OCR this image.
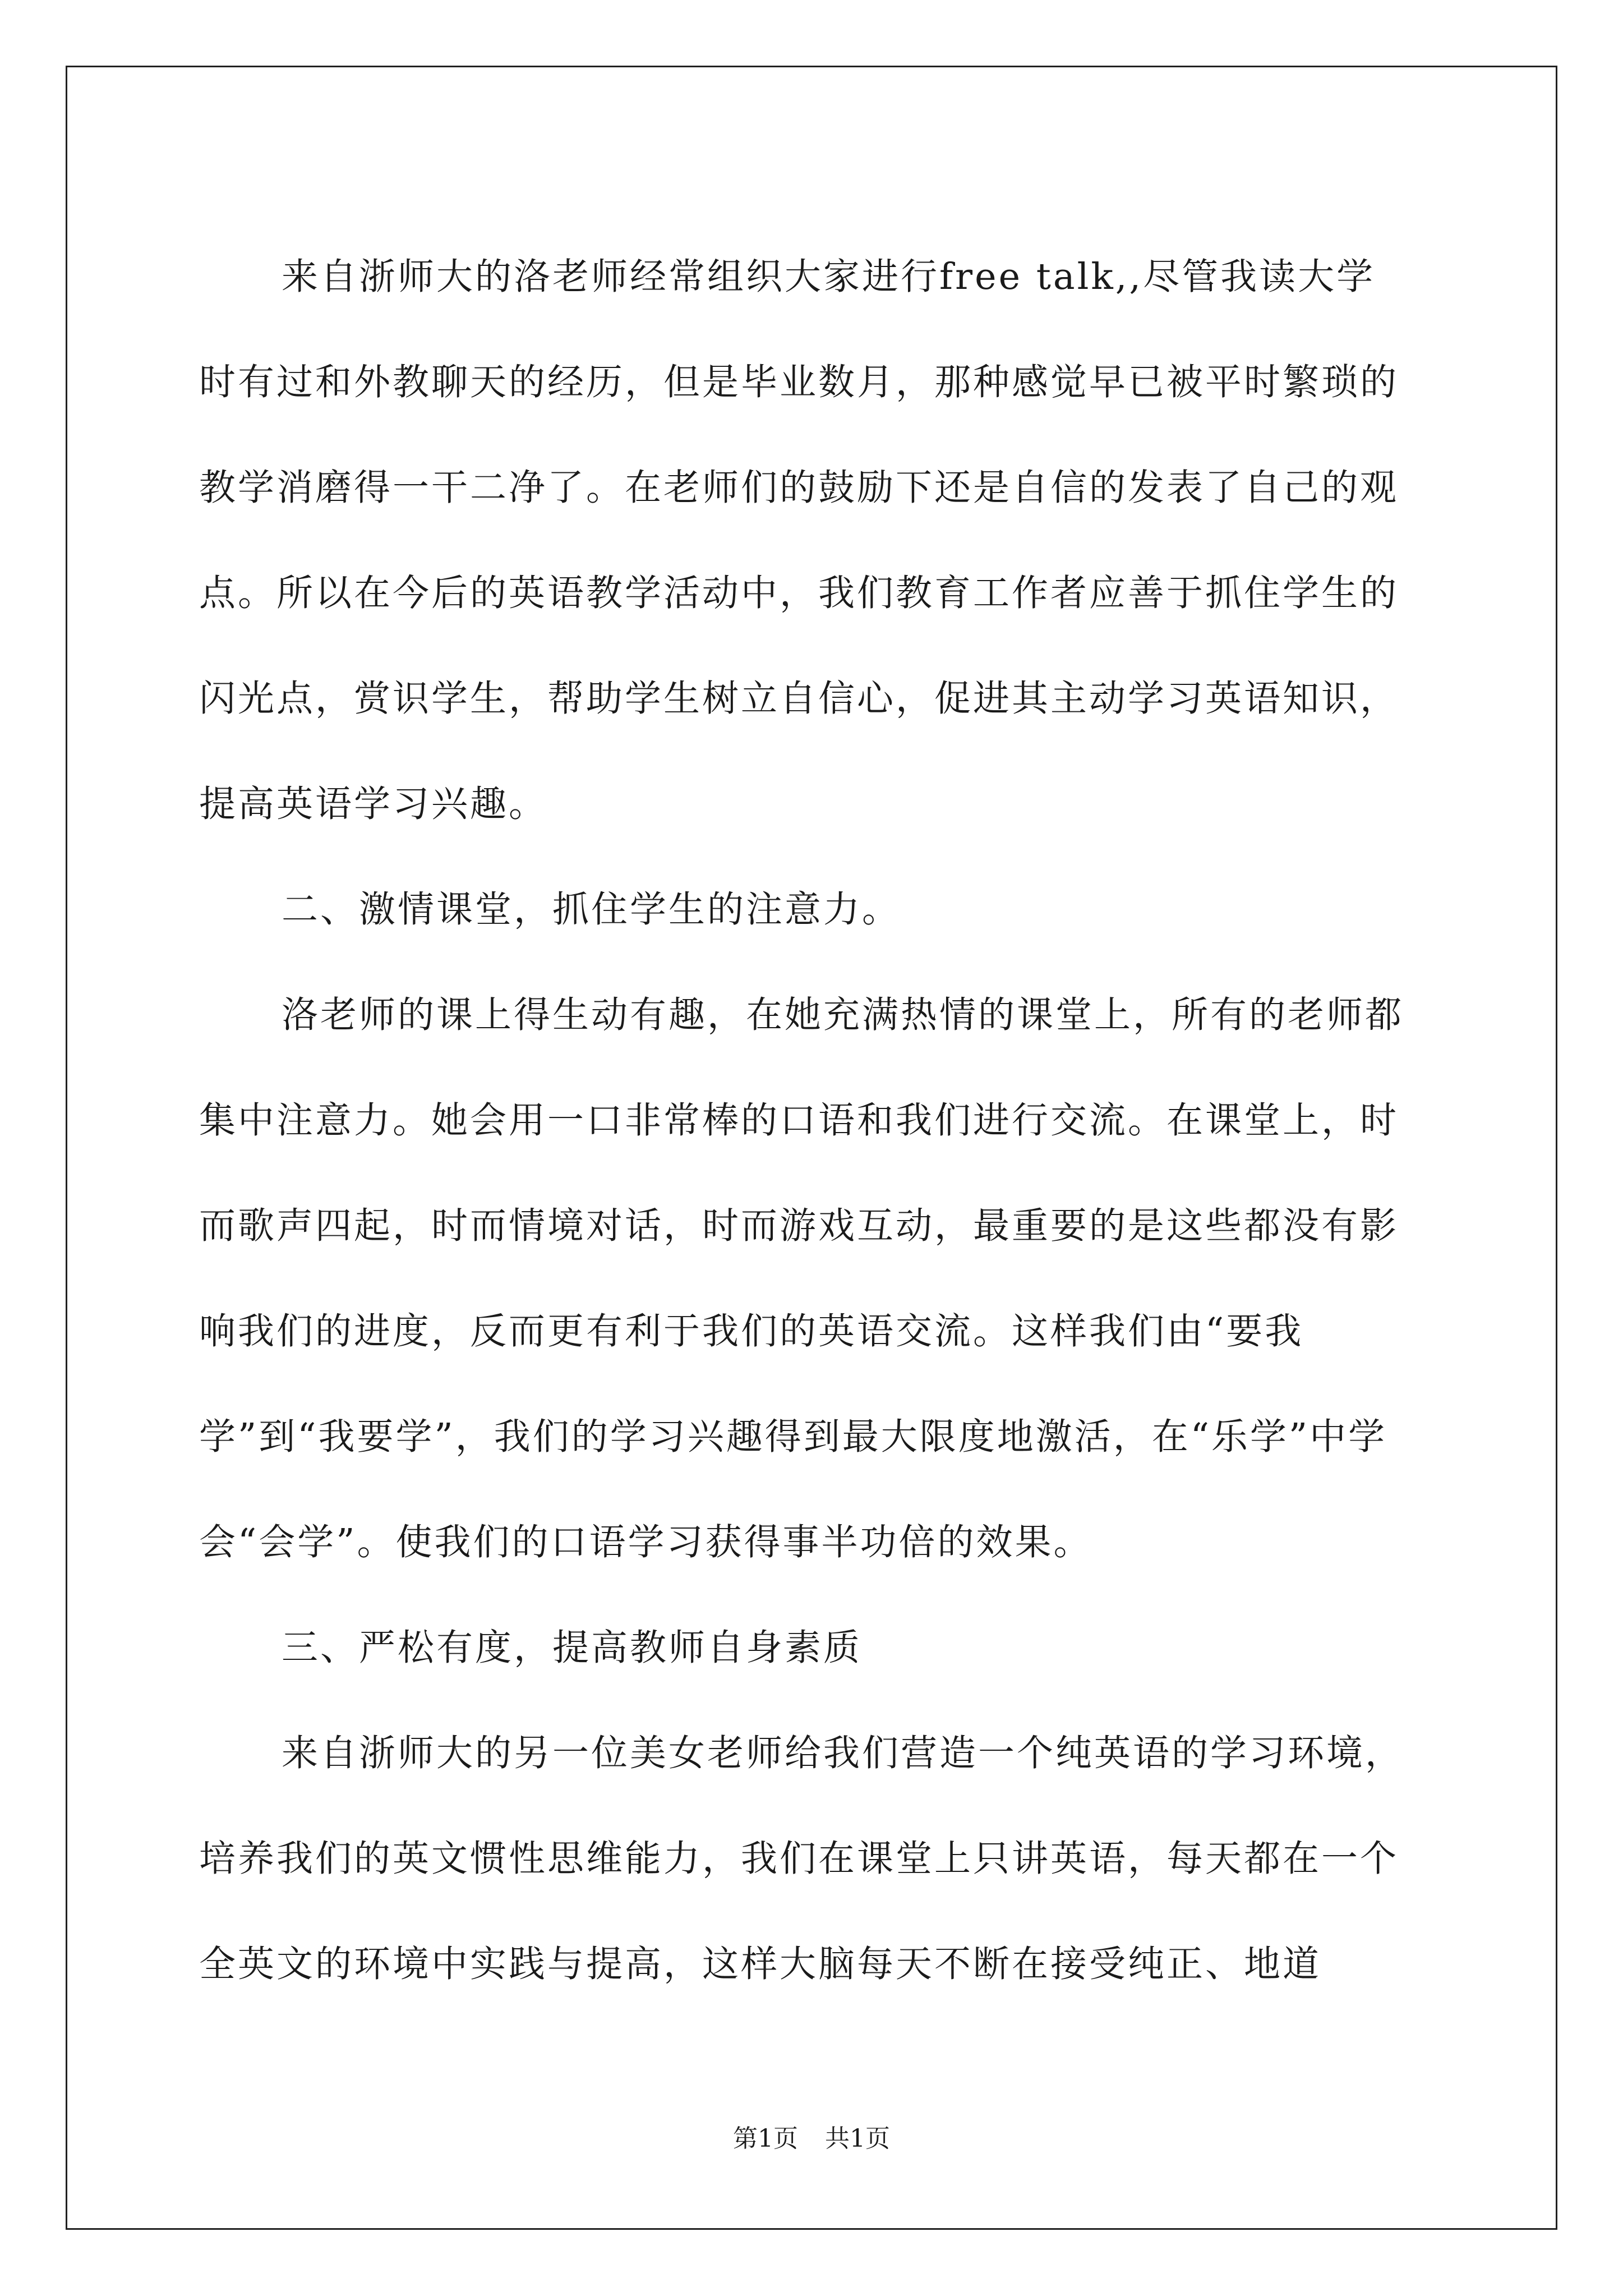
来自浙师大的洛老师经常组织大家进行free talk,,尽管我读大学时有过和外教聊天的经历，但是毕业数月，那种感觉早已被平时繁琐的教学消磨得一干二净了。在老师们的鼓励下还是自信的发表了自己的观点。所以在今后的英语教学活动中，我们教育工作者应善于抓住学生的闪光点，赏识学生，帮助学生树立自信心，促进其主动学习英语知识，提高英语学习兴趣。

二、激情课堂，抓住学生的注意力。

洛老师的课上得生动有趣，在她充满热情的课堂上，所有的老师都集中注意力。她会用一口非常棒的口语和我们进行交流。在课堂上，时而歌声四起，时而情境对话，时而游戏互动，最重要的是这些都没有影响我们的进度，反而更有利于我们的英语交流。这样我们由“要我学”到“我要学”，我们的学习兴趣得到最大限度地激活，在“乐学”中学会“会学”。使我们的口语学习获得事半功倍的效果。

三、严松有度，提高教师自身素质

来自浙师大的另一位美女老师给我们营造一个纯英语的学习环境，培养我们的英文惯性思维能力，我们在课堂上只讲英语，每天都在一个全英文的环境中实践与提高，这样大脑每天不断在接受纯正、地道

第1页 共1页
